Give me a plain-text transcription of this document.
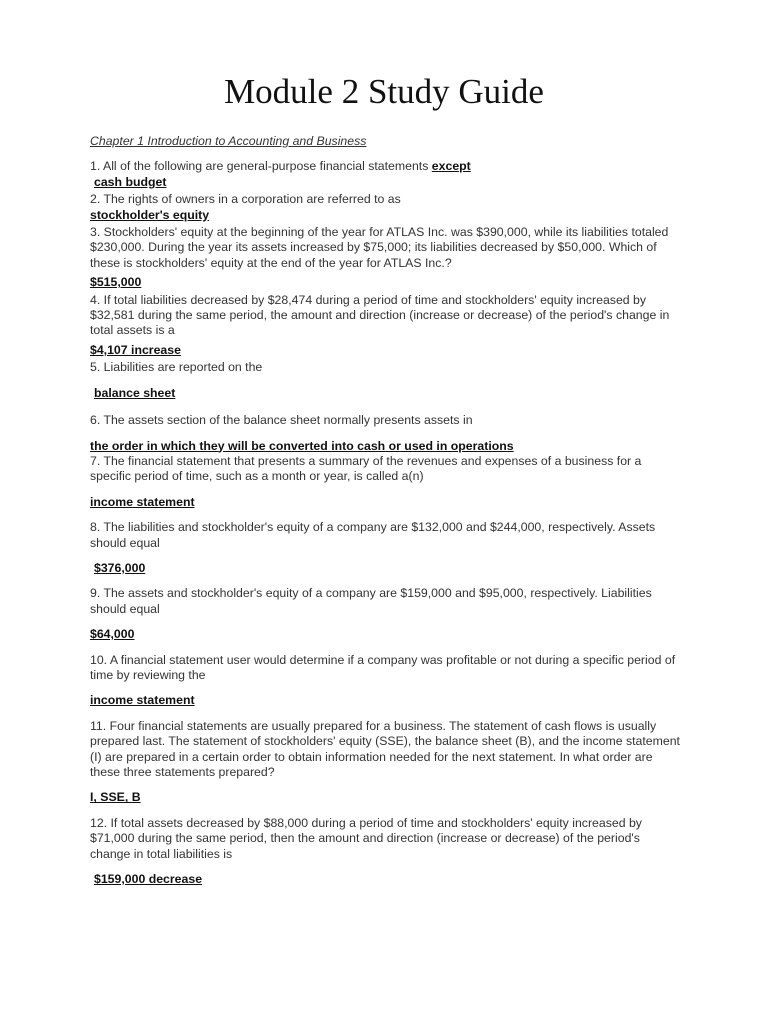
Module 2 Study Guide

Chapter 1 Introduction to Accounting and Business

1. All of the following are general-purpose financial statements except

cash budget

2. The rights of owners in a corporation are referred to as

stockholder's equity

3. Stockholders' equity at the beginning of the year for ATLAS Inc. was $390,000, while its liabilities totaled $230,000. During the year its assets increased by $75,000; its liabilities decreased by $50,000. Which of these is stockholders' equity at the end of the year for ATLAS Inc.?

$515,000

4. If total liabilities decreased by $28,474 during a period of time and stockholders' equity increased by $32,581 during the same period, the amount and direction (increase or decrease) of the period's change in total assets is a

$4,107 increase

5. Liabilities are reported on the

balance sheet

6. The assets section of the balance sheet normally presents assets in

the order in which they will be converted into cash or used in operations

7. The financial statement that presents a summary of the revenues and expenses of a business for a specific period of time, such as a month or year, is called a(n)

income statement

8. The liabilities and stockholder's equity of a company are $132,000 and $244,000, respectively. Assets should equal

$376,000

9. The assets and stockholder's equity of a company are $159,000 and $95,000, respectively. Liabilities should equal

$64,000

10. A financial statement user would determine if a company was profitable or not during a specific period of time by reviewing the

income statement

11. Four financial statements are usually prepared for a business. The statement of cash flows is usually prepared last. The statement of stockholders' equity (SSE), the balance sheet (B), and the income statement (I) are prepared in a certain order to obtain information needed for the next statement. In what order are these three statements prepared?

I, SSE, B

12. If total assets decreased by $88,000 during a period of time and stockholders' equity increased by $71,000 during the same period, then the amount and direction (increase or decrease) of the period's change in total liabilities is

$159,000 decrease
